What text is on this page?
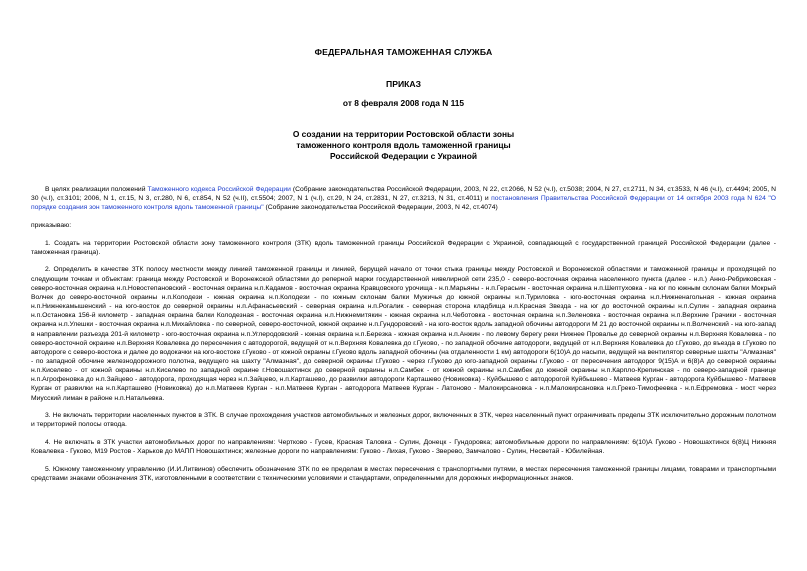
ФЕДЕРАЛЬНАЯ ТАМОЖЕННАЯ СЛУЖБА
ПРИКАЗ
от 8 февраля 2008 года N 115
О создании на территории Ростовской области зоны
таможенного контроля вдоль таможенной границы
Российской Федерации с Украиной

В целях реализации положений Таможенного кодекса Российской Федерации (Собрание законодательства Российской Федерации, 2003, N 22, ст.2066, N 52 (ч.I), ст.5038; 2004, N 27, ст.2711, N 34, ст.3533, N 46 (ч.I), ст.4494; 2005, N 30 (ч.I), ст.3101; 2006, N 1, ст.15, N 3, ст.280, N 6, ст.854, N 52 (ч.II), ст.5504; 2007, N 1 (ч.I), ст.29, N 24, ст.2831, N 27, ст.3213, N 31, ст.4011) и постановления Правительства Российской Федерации от 14 октября 2003 года N 624 "О порядке создания зон таможенного контроля вдоль таможенной границы" (Собрание законодательства Российской Федерации, 2003, N 42, ст.4074)

приказываю:

1. Создать на территории Ростовской области зону таможенного контроля (ЗТК) вдоль таможенной границы Российской Федерации с Украиной, совпадающей с государственной границей Российской Федерации (далее - таможенная граница).

2. Определить в качестве ЗТК полосу местности между линией таможенной границы и линией, берущей начало от точки стыка границы между Ростовской и Воронежской областями и таможенной границы и проходящей по следующим точкам и объектам: граница между Ростовской и Воронежской областями до реперной марки государственной нивелирной сети 235,0 - северо-восточная окраина населенного пункта (далее - н.п.) Анно-Ребриковская - северо-восточная окраина н.п.Новостепановский - восточная окраина н.п.Кадамов - восточная окраина Кравцовского урочища - н.п.Марьяны - н.п.Герасьин - восточная окраина н.п.Шептуховка - на юг по южным склонам балки Мокрый Волчек до северо-восточной окраины н.п.Колодези - южная окраина н.п.Колодези - по южным склонам балки Мужичья до южной окраины н.п.Туриловка - юго-восточная окраина н.п.Нижненагольная - южная окраина н.п.Нижнекамышенский - на юго-восток до северной окраины н.п.Афанасьевский - северная окраина н.п.Рогалик - северная сторона кладбища н.п.Красная Звезда - на юг до восточной окраины н.п.Сулин - западная окраина н.п.Остановка 156-й километр - западная окраина балки Колодезная - восточная окраина н.п.Нижнемитякин - южная окраина н.п.Чеботовка - восточная окраина н.п.Зеленовка - восточная окраина н.п.Верхние Грачики - восточная окраина н.п.Улешки - восточная окраина н.п.Михайловка - по северной, северо-восточной, южной окраине н.п.Гундоровский - на юго-восток вдоль западной обочины автодороги М 21 до восточной окраины н.п.Волченский - на юго-запад в направлении разъезда 201-й километр - юго-восточная окраина н.п.Углеродовский - южная окраина н.п.Березка - южная окраина н.п.Анжин - по левому берегу реки Нижнее Провалье до северной окраины н.п.Верхняя Ковалевка - по северо-восточной окраине н.п.Верхняя Ковалевка до пересечения с автодорогой, ведущей от н.п.Верхняя Ковалевка до г.Гуково, - по западной обочине автодороги, ведущей от н.п.Верхняя Ковалевка до г.Гуково, до въезда в г.Гуково по автодороге с северо-востока и далее до водокачки на юго-востоке г.Гуково - от южной окраины г.Гуково вдоль западной обочины (на отдаленности 1 км) автодороги 6(10)А до насыпи, ведущей на вентилятор северные шахты "Алмазная" - по западной обочине железнодорожного полотна, ведущего на шахту "Алмазная", до северной окраины г.Гуково - через г.Гуково до юго-западной окраины г.Гуково - от пересечения автодорог 9(15)А и 6(8)А до северной окраины н.п.Киселево - от южной окраины н.п.Киселево по западной окраине г.Новошахтинск до северной окраины н.п.Самбек - от южной окраины н.п.Самбек до южной окраины н.п.Карпло-Крепинская - по северо-западной границе н.п.Агрофеновка до н.п.Зайцево - автодорога, проходящая через н.п.Зайцево, н.п.Карташево, до развилки автодороги Карташево (Новиковка) - Куйбышево с автодорогой Куйбышево - Матвеев Курган - автодорога Куйбышево - Матвеев Курган от развилки на н.п.Карташево (Новиковка) до н.п.Матвеев Курган - н.п.Матвеев Курган - автодорога Матвеев Курган - Латоново - Малокирсановка - н.п.Малокирсановка н.п.Греко-Тимофеевка - н.п.Ефремовка - мост через Миусский лиман в районе н.п.Натальевка.

3. Не включать территории населенных пунктов в ЗТК. В случае прохождения участков автомобильных и железных дорог, включенных в ЗТК, через населенный пункт ограничивать пределы ЗТК исключительно дорожным полотном и территорией полосы отвода.

4. Не включать в ЗТК участки автомобильных дорог по направлениям: Чертково - Гусев, Красная Таловка - Сулин, Донецк - Гундоровка; автомобильные дороги по направлениям: 6(10)А Гуково - Новошахтинск 6(8)Ц Нижняя Ковалевка - Гуково, М19 Ростов - Харьков до МАПП Новошахтинск; железные дороги по направлениям: Гуково - Лихая, Гуково - Зверево, Замчалово - Сулин, Несветай - Юбилейная.

5. Южному таможенному управлению (И.И.Литвинов) обеспечить обозначение ЗТК по ее пределам в местах пересечения с транспортными путями, в местах пересечения таможенной границы лицами, товарами и транспортными средствами знаками обозначения ЗТК, изготовленными в соответствии с техническими условиями и стандартами, определенными для дорожных информационных знаков.
